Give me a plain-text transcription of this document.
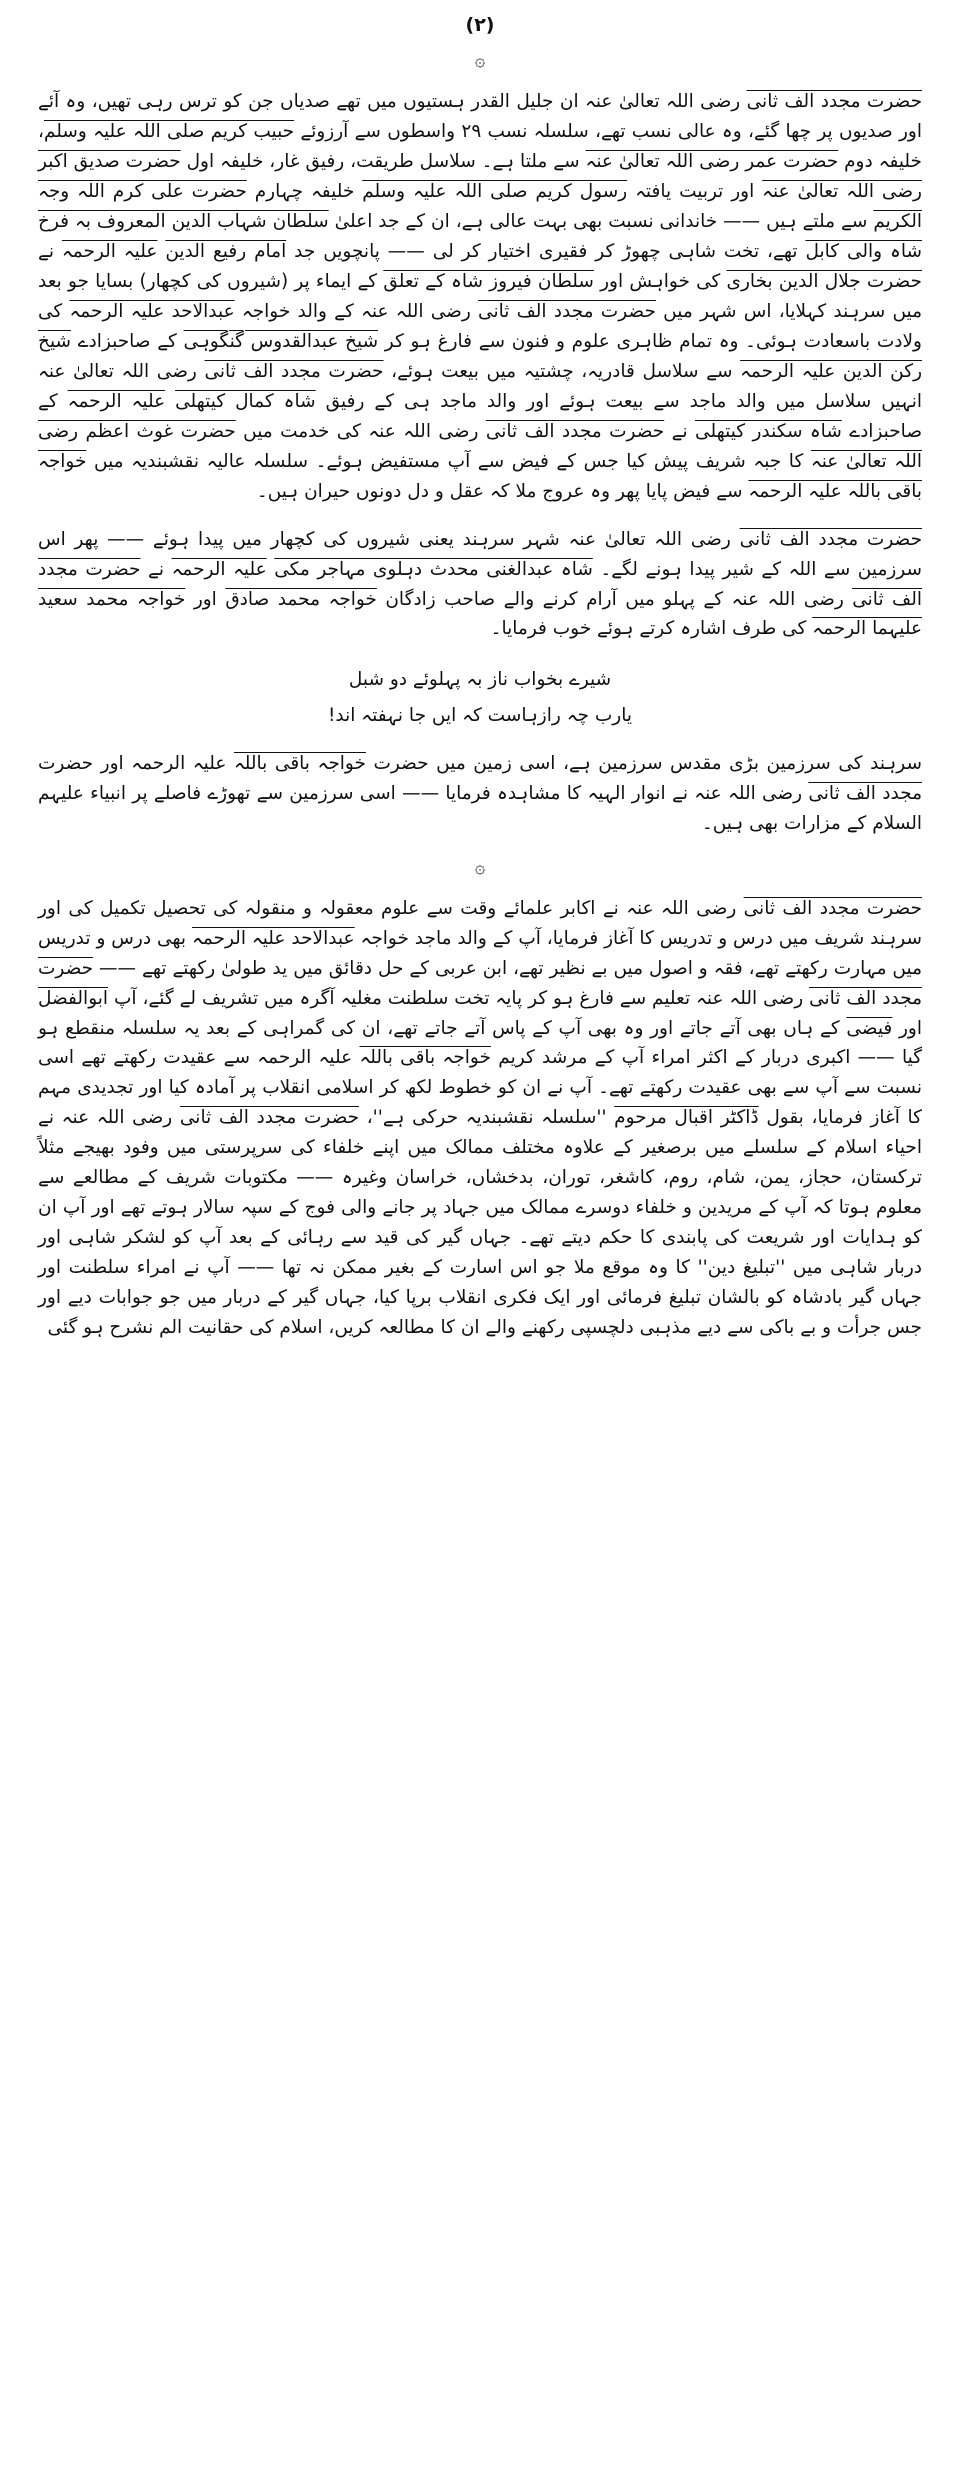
(۲)
۞

حضرت مجدد الف ثانی رضی اللہ تعالیٰ عنہ ان جلیل القدر ہستیوں میں تھے صدیاں جن کو ترس رہی تھیں، وہ آئے اور صدیوں پر چھا گئے، وہ عالی نسب تھے، سلسلہ نسب ۲۹ واسطوں سے آرزوئے حبیب کریم صلی اللہ علیہ وسلم، خلیفہ دوم حضرت عمر رضی اللہ تعالیٰ عنہ سے ملتا ہے۔ سلاسل طریقت، رفیق غار، خلیفہ اول حضرت صدیق اکبر رضی اللہ تعالیٰ عنہ اور تربیت یافتہ رسول کریم صلی اللہ علیہ وسلم خلیفہ چہارم حضرت علی کرم اللہ وجہ الکریم سے ملتے ہیں —— خاندانی نسبت بھی بہت عالی ہے، ان کے جد اعلیٰ سلطان شہاب الدین المعروف بہ فرخ شاہ والی کابل تھے، تخت شاہی چھوڑ کر فقیری اختیار کر لی —— پانچویں جد امام رفیع الدین علیہ الرحمہ نے حضرت جلال الدین بخاری کی خواہش اور سلطان فیروز شاہ کے تعلق کے ایماء پر (شیروں کی کچھار) بسایا جو بعد میں سرہند کہلایا، اس شہر میں حضرت مجدد الف ثانی رضی اللہ عنہ کے والد خواجہ عبدالاحد علیہ الرحمہ کی ولادت باسعادت ہوئی۔ وہ تمام ظاہری علوم و فنون سے فارغ ہو کر شیخ عبدالقدوس گنگوہی کے صاحبزادے شیخ رکن الدین علیہ الرحمہ سے سلاسل قادریہ، چشتیہ میں بیعت ہوئے، حضرت مجدد الف ثانی رضی اللہ تعالیٰ عنہ انہیں سلاسل میں والد ماجد سے بیعت ہوئے اور والد ماجد ہی کے رفیق شاہ کمال کیتھلی علیہ الرحمہ کے صاحبزادے شاہ سکندر کیتھلی نے حضرت مجدد الف ثانی رضی اللہ عنہ کی خدمت میں حضرت غوث اعظم رضی اللہ تعالیٰ عنہ کا جبہ شریف پیش کیا جس کے فیض سے آپ مستفیض ہوئے۔ سلسلہ عالیہ نقشبندیہ میں خواجہ باقی باللہ علیہ الرحمہ سے فیض پایا پھر وہ عروج ملا کہ عقل و دل دونوں حیران ہیں۔

حضرت مجدد الف ثانی رضی اللہ تعالیٰ عنہ شہر سرہند یعنی شیروں کی کچھار میں پیدا ہوئے —— پھر اس سرزمین سے اللہ کے شیر پیدا ہونے لگے۔ شاہ عبدالغنی محدث دہلوی مہاجر مکی علیہ الرحمہ نے حضرت مجدد الف ثانی رضی اللہ عنہ کے پہلو میں آرام کرنے والے صاحب زادگان خواجہ محمد صادق اور خواجہ محمد سعید علیہما الرحمہ کی طرف اشارہ کرتے ہوئے خوب فرمایا۔

شیرے بخواب ناز بہ پہلوئے دو شبل
یارب چہ رازہاست کہ ایں جا نہفتہ اند!

سرہند کی سرزمین بڑی مقدس سرزمین ہے، اسی زمین میں حضرت خواجہ باقی باللہ علیہ الرحمہ اور حضرت مجدد الف ثانی رضی اللہ عنہ نے انوار الہیہ کا مشاہدہ فرمایا —— اسی سرزمین سے تھوڑے فاصلے پر انبیاء علیہم السلام کے مزارات بھی ہیں۔

۞

حضرت مجدد الف ثانی رضی اللہ عنہ نے اکابر علمائے وقت سے علوم معقولہ و منقولہ کی تحصیل تکمیل کی اور سرہند شریف میں درس و تدریس کا آغاز فرمایا، آپ کے والد ماجد خواجہ عبدالاحد علیہ الرحمہ بھی درس و تدریس میں مہارت رکھتے تھے، فقہ و اصول میں بے نظیر تھے، ابن عربی کے حل دقائق میں ید طولیٰ رکھتے تھے —— حضرت مجدد الف ثانی رضی اللہ عنہ تعلیم سے فارغ ہو کر پایہ تخت سلطنت مغلیہ آگرہ میں تشریف لے گئے، آپ ابوالفضل اور فیضی کے ہاں بھی آتے جاتے اور وہ بھی آپ کے پاس آتے جاتے تھے، ان کی گمراہی کے بعد یہ سلسلہ منقطع ہو گیا —— اکبری دربار کے اکثر امراء آپ کے مرشد کریم خواجہ باقی باللہ علیہ الرحمہ سے عقیدت رکھتے تھے اسی نسبت سے آپ سے بھی عقیدت رکھتے تھے۔ آپ نے ان کو خطوط لکھ کر اسلامی انقلاب پر آمادہ کیا اور تجدیدی مہم کا آغاز فرمایا، بقول ڈاکٹر اقبال مرحوم ''سلسلہ نقشبندیہ حرکی ہے''، حضرت مجدد الف ثانی رضی اللہ عنہ نے احیاء اسلام کے سلسلے میں برصغیر کے علاوہ مختلف ممالک میں اپنے خلفاء کی سرپرستی میں وفود بھیجے مثلاً ترکستان، حجاز، یمن، شام، روم، کاشغر، توران، بدخشاں، خراسان وغیرہ —— مکتوبات شریف کے مطالعے سے معلوم ہوتا کہ آپ کے مریدین و خلفاء دوسرے ممالک میں جہاد پر جانے والی فوج کے سپہ سالار ہوتے تھے اور آپ ان کو ہدایات اور شریعت کی پابندی کا حکم دیتے تھے۔ جہاں گیر کی قید سے رہائی کے بعد آپ کو لشکر شاہی اور دربار شاہی میں ''تبلیغ دین'' کا وہ موقع ملا جو اس اسارت کے بغیر ممکن نہ تھا —— آپ نے امراء سلطنت اور جہاں گیر بادشاہ کو بالشان تبلیغ فرمائی اور ایک فکری انقلاب برپا کیا، جہاں گیر کے دربار میں جو جوابات دیے اور جس جرأت و بے باکی سے دیے مذہبی دلچسپی رکھنے والے ان کا مطالعہ کریں، اسلام کی حقانیت الم نشرح ہو گئی
